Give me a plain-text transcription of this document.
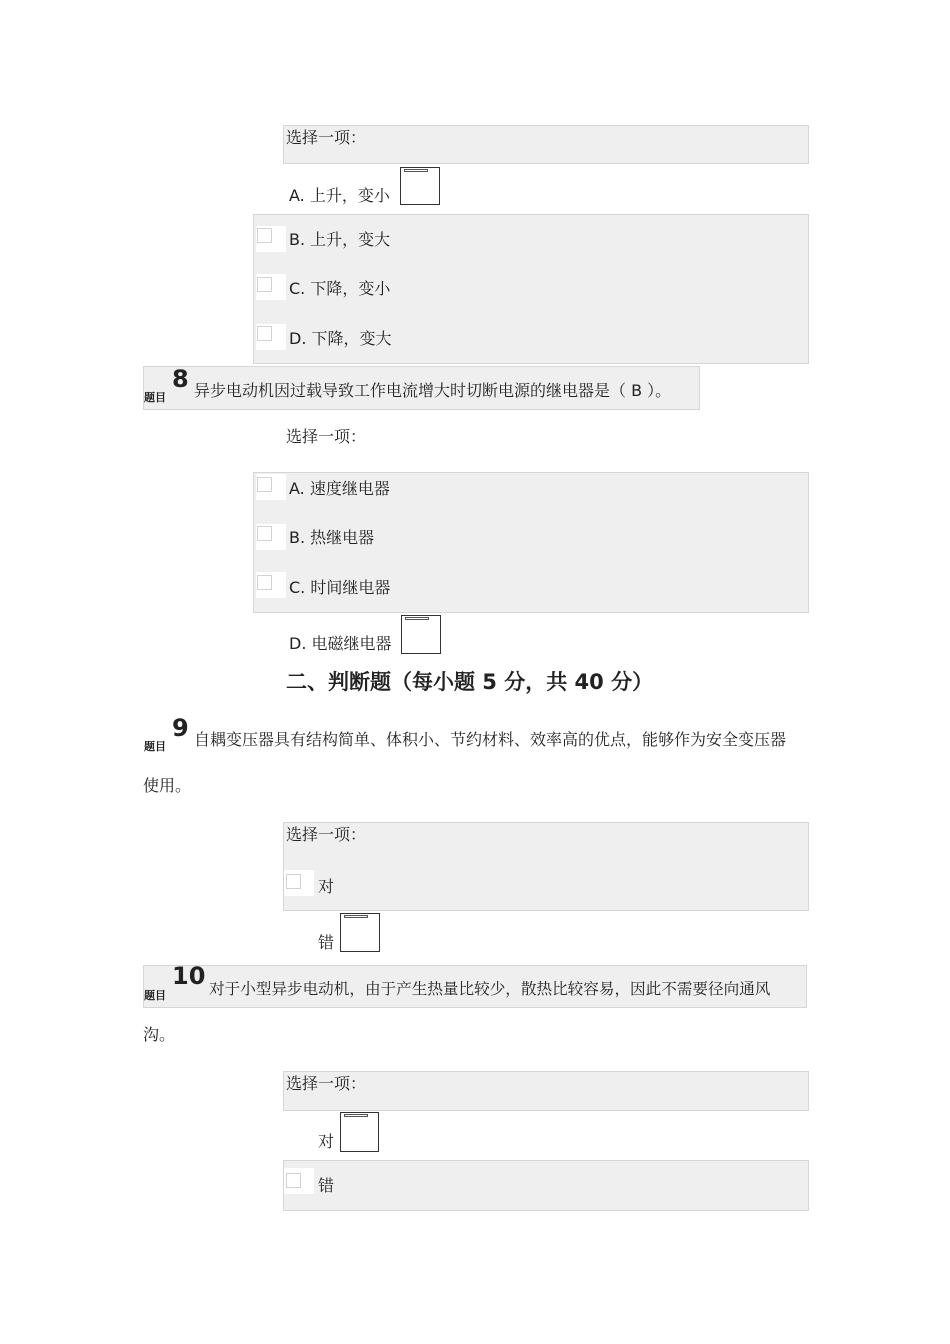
选择一项：
A. 上升，变小
B. 上升，变大
C. 下降，变小
D. 下降，变大
题目
8 异步电动机因过载导致工作电流增大时切断电源的继电器是（ B ）。
选择一项：
A. 速度继电器
B. 热继电器
C. 时间继电器
D. 电磁继电器
二、判断题（每小题 5 分，共 40 分）
题目
9 自耦变压器具有结构简单、体积小、节约材料、效率高的优点，能够作为安全变压器
使用。
选择一项：
对
错
题目
10 对于小型异步电动机，由于产生热量比较少，散热比较容易，因此不需要径向通风
沟。
选择一项：
对
错
